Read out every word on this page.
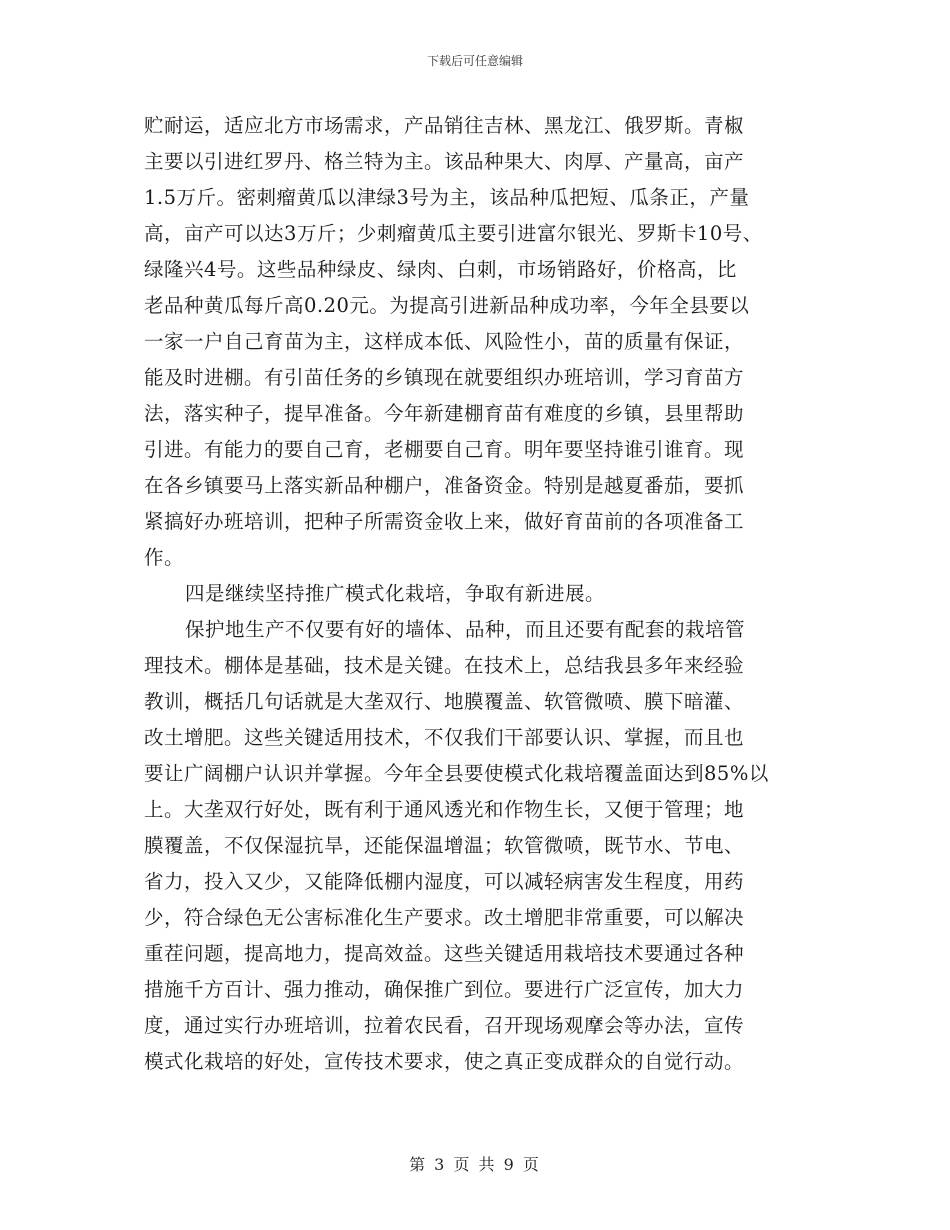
下载后可任意编辑
贮耐运，适应北方市场需求，产品销往吉林、黑龙江、俄罗斯。青椒
主要以引进红罗丹、格兰特为主。该品种果大、肉厚、产量高，亩产
1.5万斤。密刺瘤黄瓜以津绿3号为主，该品种瓜把短、瓜条正，产量
高，亩产可以达3万斤；少刺瘤黄瓜主要引进富尔银光、罗斯卡10号、
绿隆兴4号。这些品种绿皮、绿肉、白刺，市场销路好，价格高，比
老品种黄瓜每斤高0.20元。为提高引进新品种成功率，今年全县要以
一家一户自己育苗为主，这样成本低、风险性小，苗的质量有保证，
能及时进棚。有引苗任务的乡镇现在就要组织办班培训，学习育苗方
法，落实种子，提早准备。今年新建棚育苗有难度的乡镇，县里帮助
引进。有能力的要自己育，老棚要自己育。明年要坚持谁引谁育。现
在各乡镇要马上落实新品种棚户，准备资金。特别是越夏番茄，要抓
紧搞好办班培训，把种子所需资金收上来，做好育苗前的各项准备工
作。
四是继续坚持推广模式化栽培，争取有新进展。
保护地生产不仅要有好的墙体、品种，而且还要有配套的栽培管
理技术。棚体是基础，技术是关键。在技术上，总结我县多年来经验
教训，概括几句话就是大垄双行、地膜覆盖、软管微喷、膜下暗灌、
改土增肥。这些关键适用技术，不仅我们干部要认识、掌握，而且也
要让广阔棚户认识并掌握。今年全县要使模式化栽培覆盖面达到85%以
上。大垄双行好处，既有利于通风透光和作物生长，又便于管理；地
膜覆盖，不仅保湿抗旱，还能保温增温；软管微喷，既节水、节电、
省力，投入又少，又能降低棚内湿度，可以减轻病害发生程度，用药
少，符合绿色无公害标准化生产要求。改土增肥非常重要，可以解决
重茬问题，提高地力，提高效益。这些关键适用栽培技术要通过各种
措施千方百计、强力推动，确保推广到位。要进行广泛宣传，加大力
度，通过实行办班培训，拉着农民看，召开现场观摩会等办法，宣传
模式化栽培的好处，宣传技术要求，使之真正变成群众的自觉行动。
第 3 页 共 9 页
